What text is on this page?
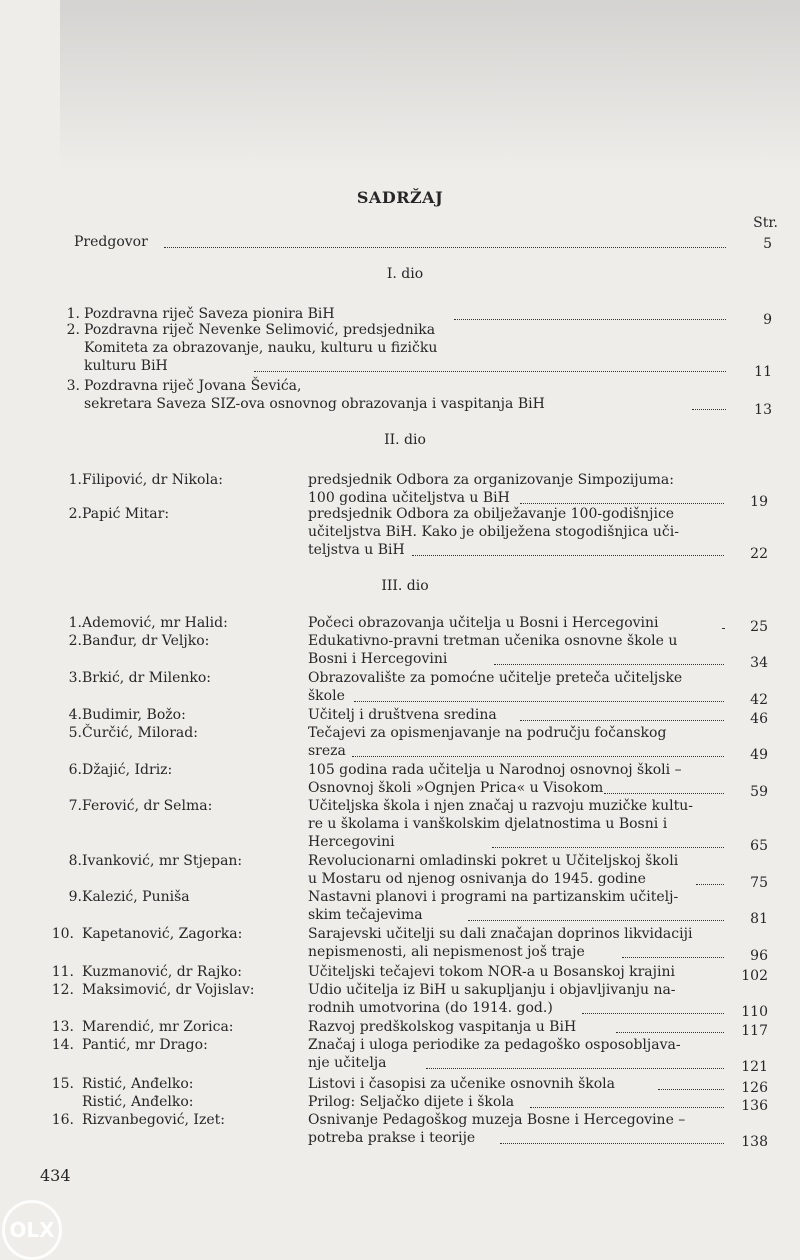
SADRŽAJ
Str.
Predgovor	5
I. dio
II. dio
III. dio
434
OLX
1. Pozdravna riječ Saveza pionira BiH	9
2. Pozdravna riječ Nevenke Selimović, predsjednika
Komiteta za obrazovanje, nauku, kulturu u fizičku
kulturu BiH	11
3. Pozdravna riječ Jovana Ševića,
sekretara Saveza SIZ-ova osnovnog obrazovanja i vaspitanja BiH	13
1. Filipović, dr Nikola:	predsjednik Odbora za organizovanje Simpozijuma:
100 godina učiteljstva u BiH	19
2. Papić Mitar:	predsjednik Odbora za obilježavanje 100-godišnjice
učiteljstva BiH. Kako je obilježena stogodišnjica uči-
teljstva u BiH	22
1. Ademović, mr Halid:	Počeci obrazovanja učitelja u Bosni i Hercegovini	25
2. Banđur, dr Veljko:	Edukativno-pravni tretman učenika osnovne škole u
Bosni i Hercegovini	34
3. Brkić, dr Milenko:	Obrazovalište za pomoćne učitelje preteča učiteljske
škole	42
4. Budimir, Božo:	Učitelj i društvena sredina	46
5. Čurčić, Milorad:	Tečajevi za opismenjavanje na području fočanskog
sreza	49
6. Džajić, Idriz:	105 godina rada učitelja u Narodnoj osnovnoj školi –
Osnovnoj školi »Ognjen Prica« u Visokom	59
7. Ferović, dr Selma:	Učiteljska škola i njen značaj u razvoju muzičke kultu-
re u školama i vanškolskim djelatnostima u Bosni i
Hercegovini	65
8. Ivanković, mr Stjepan:	Revolucionarni omladinski pokret u Učiteljskoj školi
u Mostaru od njenog osnivanja do 1945. godine	75
9. Kalezić, Puniša	Nastavni planovi i programi na partizanskim učitelj-
skim tečajevima	81
10. Kapetanović, Zagorka:	Sarajevski učitelji su dali značajan doprinos likvidaciji
nepismenosti, ali nepismenost još traje	96
11. Kuzmanović, dr Rajko:	Učiteljski tečajevi tokom NOR-a u Bosanskoj krajini	102
12. Maksimović, dr Vojislav:	Udio učitelja iz BiH u sakupljanju i objavljivanju na-
rodnih umotvorina (do 1914. god.)	110
13. Marendić, mr Zorica:	Razvoj predškolskog vaspitanja u BiH	117
14. Pantić, mr Drago:	Značaj i uloga periodike za pedagoško osposobljava-
nje učitelja	121
15. Ristić, Anđelko:	Listovi i časopisi za učenike osnovnih škola	126
Ristić, Anđelko:	Prilog: Seljačko dijete i škola	136
16. Rizvanbegović, Izet:	Osnivanje Pedagoškog muzeja Bosne i Hercegovine –
potreba prakse i teorije	138
